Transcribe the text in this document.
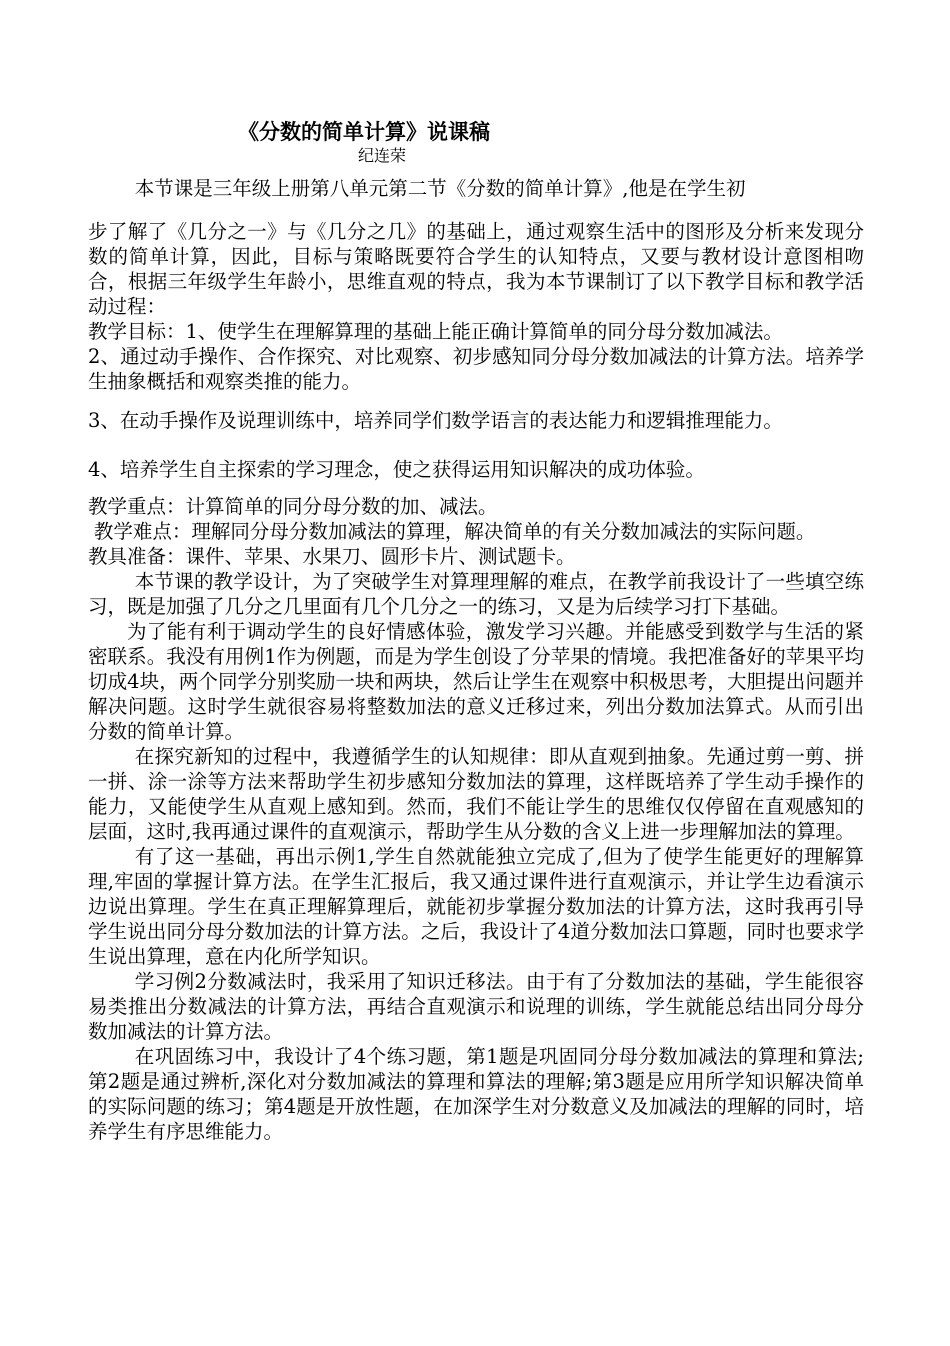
《分数的简单计算》说课稿

纪连荣

本节课是三年级上册第八单元第二节《分数的简单计算》,他是在学生初

步了解了《几分之一》与《几分之几》的基础上，通过观察生活中的图形及分析来发现分数的简单计算，因此，目标与策略既要符合学生的认知特点，又要与教材设计意图相吻合，根据三年级学生年龄小，思维直观的特点，我为本节课制订了以下教学目标和教学活动过程：

教学目标：1、使学生在理解算理的基础上能正确计算简单的同分母分数加减法。

2、通过动手操作、合作探究、对比观察、初步感知同分母分数加减法的计算方法。培养学生抽象概括和观察类推的能力。

3、在动手操作及说理训练中，培养同学们数学语言的表达能力和逻辑推理能力。

4、培养学生自主探索的学习理念，使之获得运用知识解决的成功体验。

教学重点：计算简单的同分母分数的加、减法。

教学难点：理解同分母分数加减法的算理，解决简单的有关分数加减法的实际问题。

教具准备：课件、苹果、水果刀、圆形卡片、测试题卡。

本节课的教学设计，为了突破学生对算理理解的难点，在教学前我设计了一些填空练习，既是加强了几分之几里面有几个几分之一的练习，又是为后续学习打下基础。

为了能有利于调动学生的良好情感体验，激发学习兴趣。并能感受到数学与生活的紧密联系。我没有用例1作为例题，而是为学生创设了分苹果的情境。我把准备好的苹果平均切成4块，两个同学分别奖励一块和两块，然后让学生在观察中积极思考，大胆提出问题并解决问题。这时学生就很容易将整数加法的意义迁移过来，列出分数加法算式。从而引出分数的简单计算。

在探究新知的过程中，我遵循学生的认知规律：即从直观到抽象。先通过剪一剪、拼一拼、涂一涂等方法来帮助学生初步感知分数加法的算理，这样既培养了学生动手操作的能力，又能使学生从直观上感知到。然而，我们不能让学生的思维仅仅停留在直观感知的层面，这时,我再通过课件的直观演示，帮助学生从分数的含义上进一步理解加法的算理。

有了这一基础，再出示例1,学生自然就能独立完成了,但为了使学生能更好的理解算理,牢固的掌握计算方法。在学生汇报后，我又通过课件进行直观演示，并让学生边看演示边说出算理。学生在真正理解算理后，就能初步掌握分数加法的计算方法，这时我再引导学生说出同分母分数加法的计算方法。之后，我设计了4道分数加法口算题，同时也要求学生说出算理，意在内化所学知识。

学习例2分数减法时，我采用了知识迁移法。由于有了分数加法的基础，学生能很容易类推出分数减法的计算方法，再结合直观演示和说理的训练，学生就能总结出同分母分数加减法的计算方法。

在巩固练习中，我设计了4个练习题，第1题是巩固同分母分数加减法的算理和算法;第2题是通过辨析,深化对分数加减法的算理和算法的理解;第3题是应用所学知识解决简单的实际问题的练习；第4题是开放性题，在加深学生对分数意义及加减法的理解的同时，培养学生有序思维能力。
